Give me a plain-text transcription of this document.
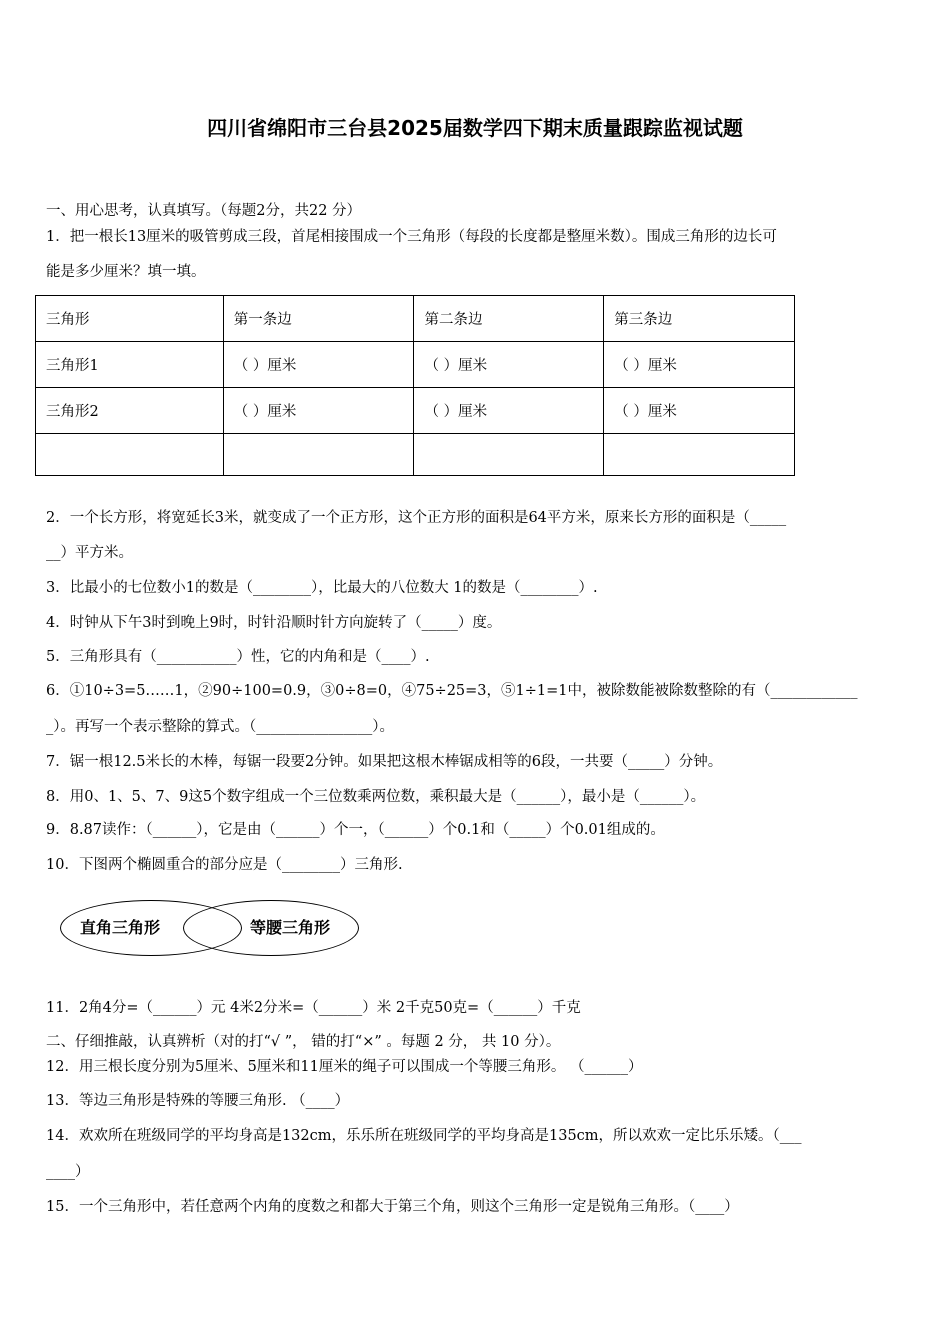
四川省绵阳市三台县2025届数学四下期末质量跟踪监视试题
一、用心思考，认真填写。（每题2分，共22 分）
1．把一根长13厘米的吸管剪成三段，首尾相接围成一个三角形（每段的长度都是整厘米数）。围成三角形的边长可
能是多少厘米？填一填。
三角形	第一条边	第二条边	第三条边
三角形1	（ ）厘米	（ ）厘米	（ ）厘米
三角形2	（ ）厘米	（ ）厘米	（ ）厘米

2．一个长方形，将宽延长3米，就变成了一个正方形，这个正方形的面积是64平方米，原来长方形的面积是（_____
__）平方米。
3．比最小的七位数小1的数是（________），比最大的八位数大 1的数是（________）.
4．时钟从下午3时到晚上9时，时针沿顺时针方向旋转了（_____）度。
5．三角形具有（___________）性，它的内角和是（____）.
6．①10÷3=5……1，②90÷100=0.9，③0÷8=0，④75÷25=3，⑤1÷1=1中，被除数能被除数整除的有（____________
_）。再写一个表示整除的算式。（________________）。
7．锯一根12.5米长的木棒，每锯一段要2分钟。如果把这根木棒锯成相等的6段，一共要（_____）分钟。
8．用0、1、5、7、9这5个数字组成一个三位数乘两位数，乘积最大是（______），最小是（______）。
9．8.87读作：（______），它是由（______）个一，（______）个0.1和（_____）个0.01组成的。
10．下图两个椭圆重合的部分应是（________）三角形.
直角三角形	等腰三角形
11．2角4分=（______）元 4米2分米=（______）米 2千克50克=（______）千克
二、仔细推敲，认真辨析（对的打“√ ”， 错的打“×” 。每题 2 分， 共 10 分）。
12．用三根长度分别为5厘米、5厘米和11厘米的绳子可以围成一个等腰三角形。 （______）
13．等边三角形是特殊的等腰三角形. （____）
14．欢欢所在班级同学的平均身高是132cm，乐乐所在班级同学的平均身高是135cm，所以欢欢一定比乐乐矮。（___
____）
15．一个三角形中，若任意两个内角的度数之和都大于第三个角，则这个三角形一定是锐角三角形。（____）
